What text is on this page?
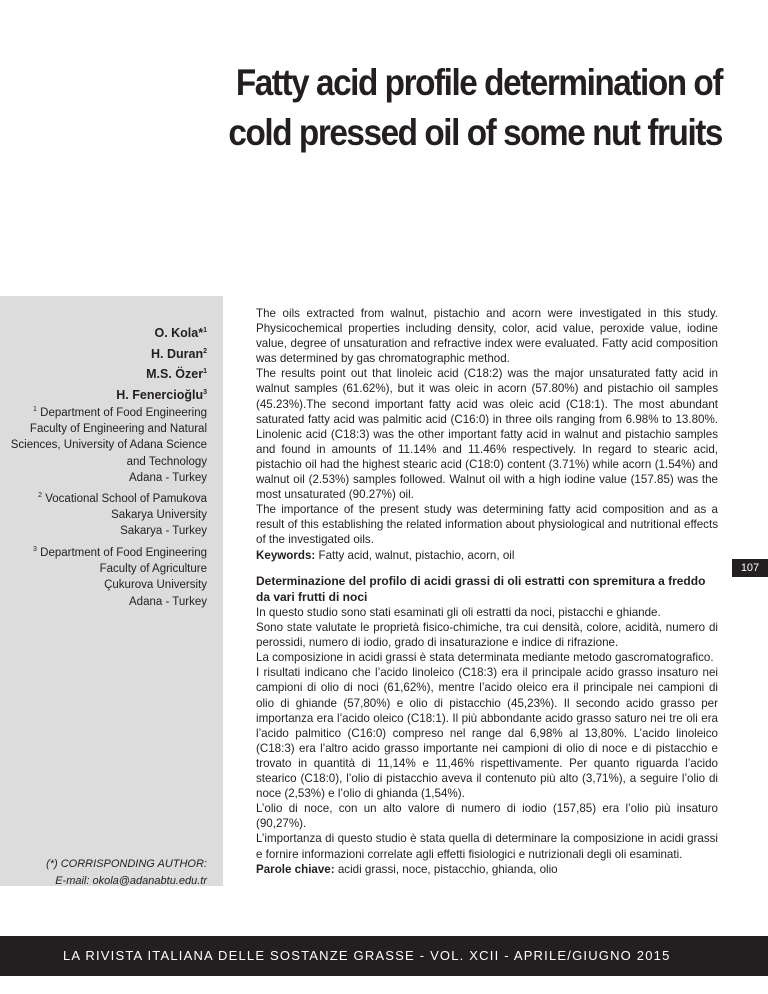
Fatty acid profile determination of
cold pressed oil of some nut fruits
O. Kola*$^1$
H. Duran$^2$
M.S. Özer$^1$
H. Fenercioğlu$^3$
$^1$ Department of Food Engineering
Faculty of Engineering and Natural
Sciences, University of Adana Science
and Technology
Adana - Turkey
$^2$ Vocational School of Pamukova
Sakarya University
Sakarya - Turkey
$^3$ Department of Food Engineering
Faculty of Agriculture
Çukurova University
Adana - Turkey
(*) CORRISPONDING AUTHOR:
E-mail: okola@adanabtu.edu.tr

The oils extracted from walnut, pistachio and acorn were investigated in this study. Physicochemical properties including density, color, acid value, peroxide value, iodine value, degree of unsaturation and refractive index were evaluated. Fatty acid composition was determined by gas chromatographic method.

The results point out that linoleic acid (C18:2) was the major unsaturated fatty acid in walnut samples (61.62%), but it was oleic in acorn (57.80%) and pistachio oil samples (45.23%).The second important fatty acid was oleic acid (C18:1). The most abundant saturated fatty acid was palmitic acid (C16:0) in three oils ranging from 6.98% to 13.80%. Linolenic acid (C18:3) was the other important fatty acid in walnut and pistachio samples and found in amounts of 11.14% and 11.46% respectively. In regard to stearic acid, pistachio oil had the highest stearic acid (C18:0) content (3.71%) while acorn (1.54%) and walnut oil (2.53%) samples followed. Walnut oil with a high iodine value (157.85) was the most unsaturated (90.27%) oil.

The importance of the present study was determining fatty acid composition and as a result of this establishing the related information about physiological and nutritional effects of the investigated oils.

Keywords: Fatty acid, walnut, pistachio, acorn, oil

107
Determinazione del profilo di acidi grassi di oli estratti con spremitura a freddo da vari frutti di noci

In questo studio sono stati esaminati gli oli estratti da noci, pistacchi e ghiande.

Sono state valutate le proprietà fisico-chimiche, tra cui densità, colore, acidità, numero di perossidi, numero di iodio, grado di insaturazione e indice di rifrazione.

La composizione in acidi grassi è stata determinata mediante metodo gascromatografico.

I risultati indicano che l’acido linoleico (C18:3) era il principale acido grasso insaturo nei campioni di olio di noci (61,62%), mentre l’acido oleico era il principale nei campioni di olio di ghiande (57,80%) e olio di pistacchio (45,23%). Il secondo acido grasso per importanza era l’acido oleico (C18:1). Il più abbondante acido grasso saturo nei tre oli era l’acido palmitico (C16:0) compreso nel range dal 6,98% al 13,80%. L’acido linoleico (C18:3) era l’altro acido grasso importante nei campioni di olio di noce e di pistacchio e trovato in quantità di 11,14% e 11,46% rispettivamente. Per quanto riguarda l’acido stearico (C18:0), l’olio di pistacchio aveva il contenuto più alto (3,71%), a seguire l’olio di noce (2,53%) e l’olio di ghianda (1,54%).

L’olio di noce, con un alto valore di numero di iodio (157,85) era l’olio più insaturo (90,27%).

L’importanza di questo studio è stata quella di determinare la composizione in acidi grassi e fornire informazioni correlate agli effetti fisiologici e nutrizionali degli oli esaminati.

Parole chiave: acidi grassi, noce, pistacchio, ghianda, olio

LA RIVISTA ITALIANA DELLE SOSTANZE GRASSE - VOL. XCII - APRILE/GIUGNO 2015
